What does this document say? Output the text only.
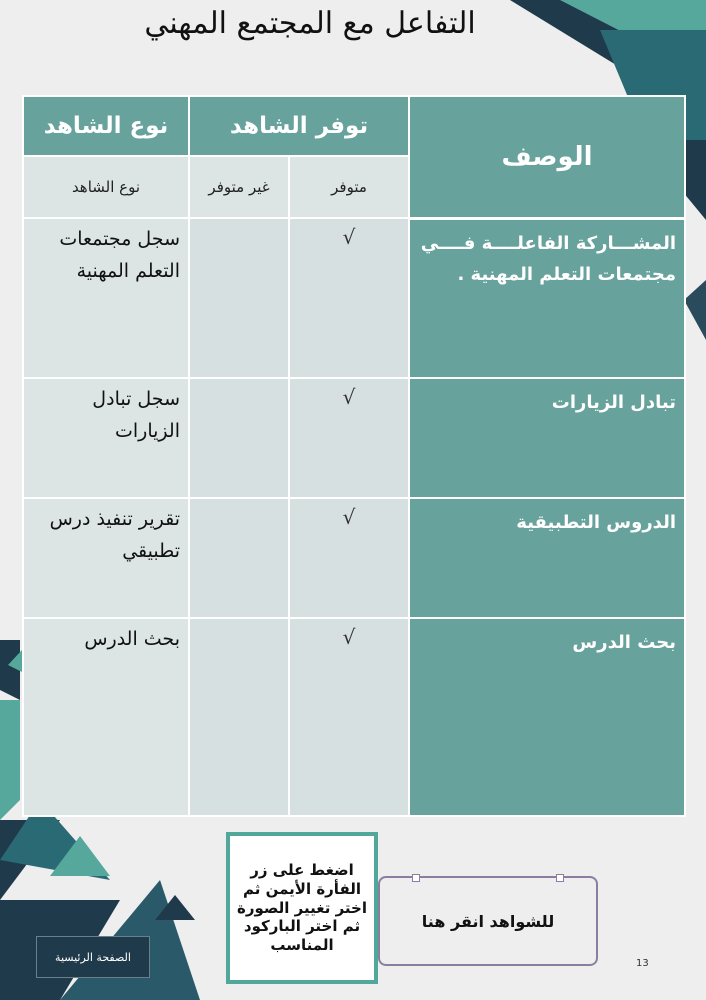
التفاعل مع المجتمع المهني
الوصف	توفر الشاهد		نوع الشاهد
	متوفر	غير متوفر	نوع الشاهد
المشـــاركة الفاعلــــة فــــي مجتمعات التعلم المهنية .	√		سجل مجتمعات التعلم المهنية
تبادل الزيارات	√		سجل تبادل الزيارات
الدروس التطبيقية	√		تقرير تنفيذ درس تطبيقي
بحث الدرس	√		بحث الدرس
اضغط على زر الفأرة الأيمن ثم اختر تغيير الصورة ثم اختر الباركود المناسب
للشواهد انقر هنا
الصفحة الرئيسية	13
